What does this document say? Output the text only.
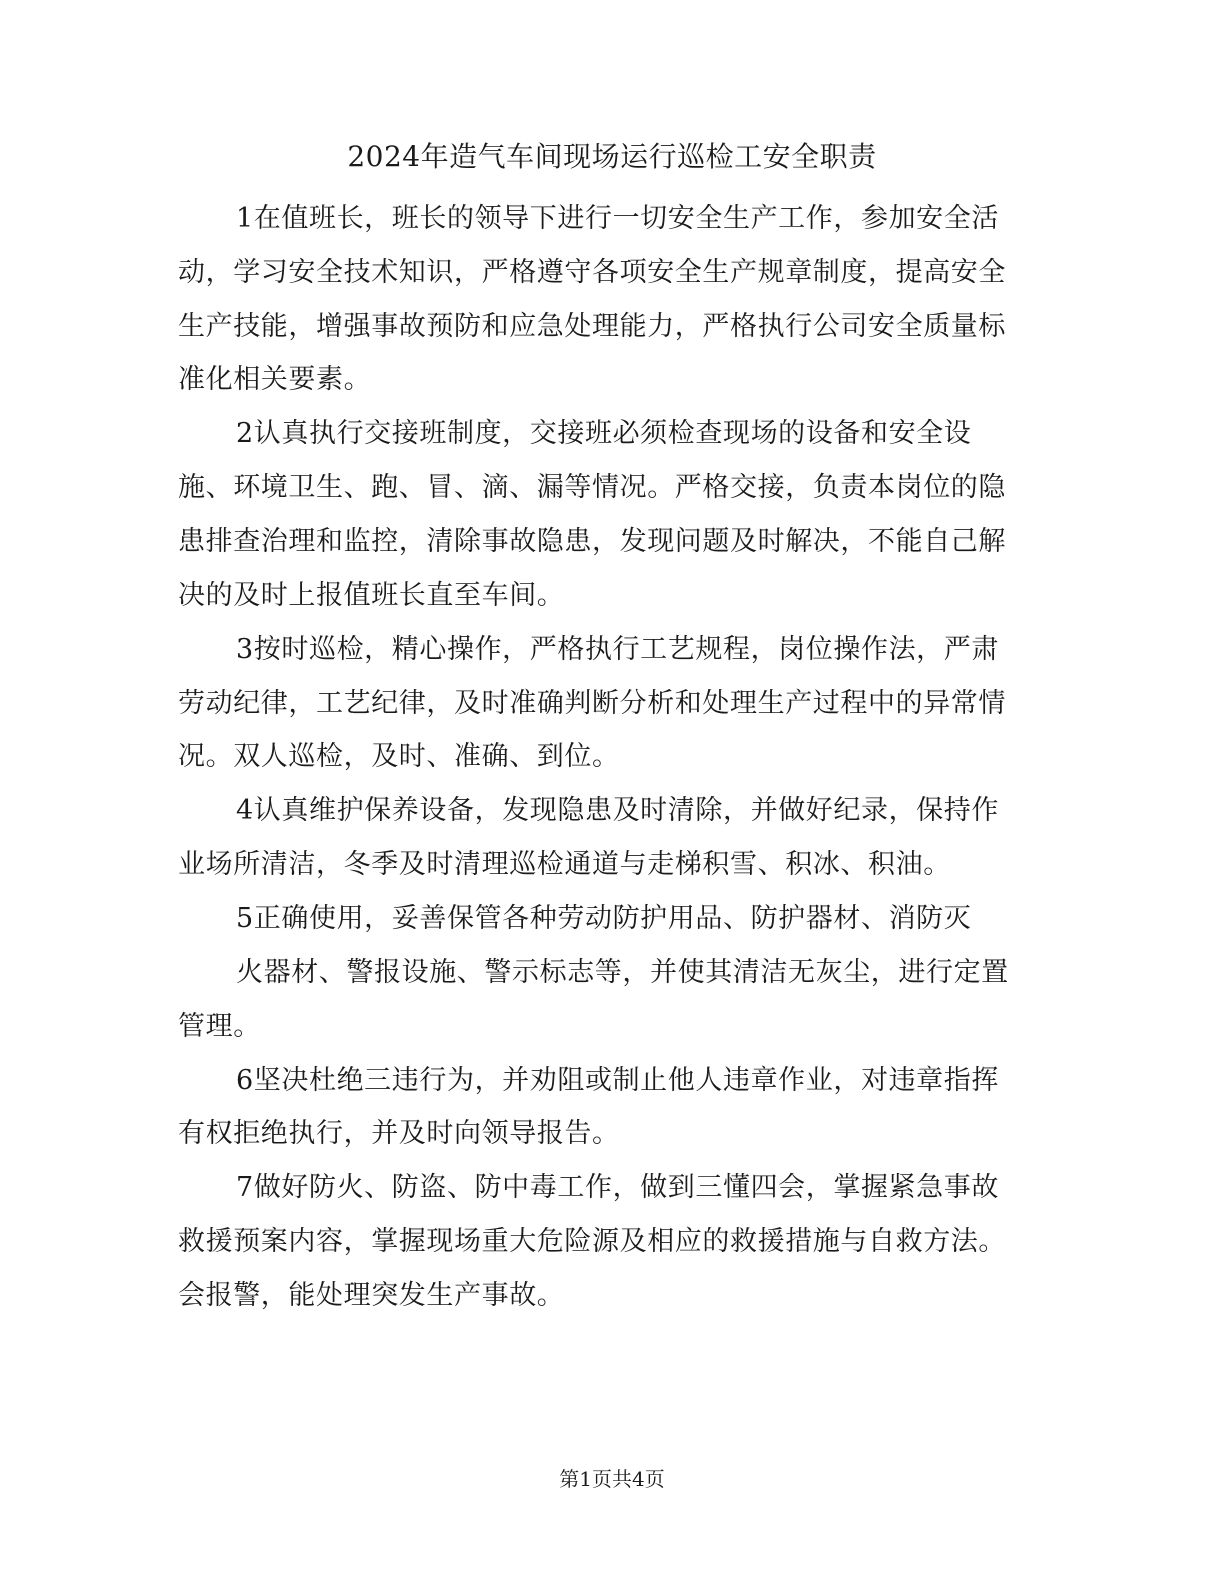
2024年造气车间现场运行巡检工安全职责
1在值班长，班长的领导下进行一切安全生产工作，参加安全活
动，学习安全技术知识，严格遵守各项安全生产规章制度，提高安全
生产技能，增强事故预防和应急处理能力，严格执行公司安全质量标
准化相关要素。
2认真执行交接班制度，交接班必须检查现场的设备和安全设
施、环境卫生、跑、冒、滴、漏等情况。严格交接，负责本岗位的隐
患排查治理和监控，清除事故隐患，发现问题及时解决，不能自己解
决的及时上报值班长直至车间。
3按时巡检，精心操作，严格执行工艺规程，岗位操作法，严肃
劳动纪律，工艺纪律，及时准确判断分析和处理生产过程中的异常情
况。双人巡检，及时、准确、到位。
4认真维护保养设备，发现隐患及时清除，并做好纪录，保持作
业场所清洁，冬季及时清理巡检通道与走梯积雪、积冰、积油。
5正确使用，妥善保管各种劳动防护用品、防护器材、消防灭
火器材、警报设施、警示标志等，并使其清洁无灰尘，进行定置
管理。
6坚决杜绝三违行为，并劝阻或制止他人违章作业，对违章指挥
有权拒绝执行，并及时向领导报告。
7做好防火、防盗、防中毒工作，做到三懂四会，掌握紧急事故
救援预案内容，掌握现场重大危险源及相应的救援措施与自救方法。
会报警，能处理突发生产事故。
第1页共4页
